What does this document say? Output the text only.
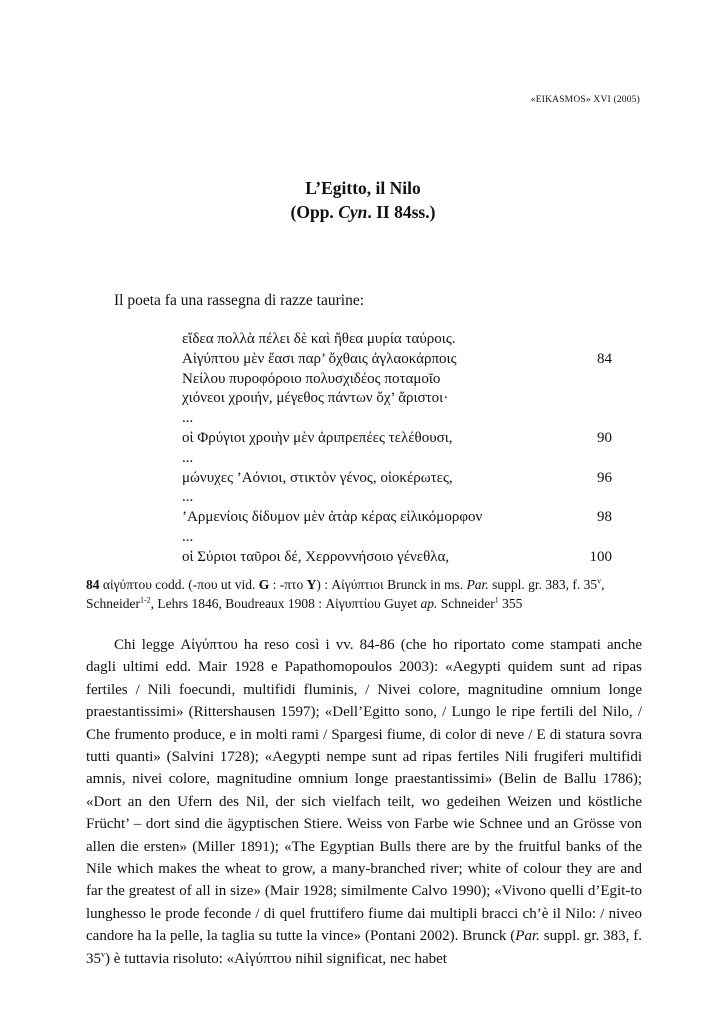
«EIKASMOS» XVI (2005)
L’Egitto, il Nilo
(Opp. Cyn. II 84ss.)
Il poeta fa una rassegna di razze taurine:
εἴδεα πολλὰ πέλει δὲ καὶ ἤθεα μυρία ταύροις.
Αἰγύπτου μὲν ἔασι παρ’ ὄχθαις ἀγλαοκάρποις	84
Νείλου πυροφόροιο πολυσχιδέος ποταμοῖο
χιόνεοι χροιήν, μέγεθος πάντων ὄχ’ ἄριστοι·
...
οἱ Φρύγιοι χροιὴν μὲν ἀριπρεπέες τελέθουσι,	90
...
μώνυχες ’Αόνιοι, στικτὸν γένος, οἰοκέρωτες,	96
...
’Αρμενίοις δίδυμον μὲν ἀτὰρ κέρας εἰλικόμορφον	98
...
οἱ Σύριοι ταῦροι δέ, Χερροννήσοιο γένεθλα,	100
84 αἰγύπτου codd. (-που ut vid. G : -πτο Y) : Αἰγύπτιοι Brunck in ms. Par. suppl. gr. 383, f. 35$^v$, Schneider$^{1-2}$, Lehrs 1846, Boudreaux 1908 : Αἰγυπτίου Guyet ap. Schneider$^1$ 355
Chi legge Αἰγύπτου ha reso così i vv. 84-86 (che ho riportato come stampati anche dagli ultimi edd. Mair 1928 e Papathomopoulos 2003): «Aegypti quidem sunt ad ripas fertiles / Nili foecundi, multifidi fluminis, / Nivei colore, magnitudine omnium longe praestantissimi» (Rittershausen 1597); «Dell’Egitto sono, / Lungo le ripe fertili del Nilo, / Che frumento produce, e in molti rami / Spargesi fiume, di color di neve / E di statura sovra tutti quanti» (Salvini 1728); «Aegypti nempe sunt ad ripas fertiles Nili frugiferi multifidi amnis, nivei colore, magnitudine omnium longe praestantissimi» (Belin de Ballu 1786); «Dort an den Ufern des Nil, der sich vielfach teilt, wo gedeihen Weizen und köstliche Frücht’ – dort sind die ägyptischen Stiere. Weiss von Farbe wie Schnee und an Grösse von allen die ersten» (Miller 1891); «The Egyptian Bulls there are by the fruitful banks of the Nile which makes the wheat to grow, a many-branched river; white of colour they are and far the greatest of all in size» (Mair 1928; similmente Calvo 1990); «Vivono quelli d’Egit-to lunghesso le prode feconde / di quel fruttifero fiume dai multipli bracci ch’è il Nilo: / niveo candore ha la pelle, la taglia su tutte la vince» (Pontani 2002). Brunck (Par. suppl. gr. 383, f. 35$^v$) è tuttavia risoluto: «Αἰγύπτου nihil significat, nec habet
